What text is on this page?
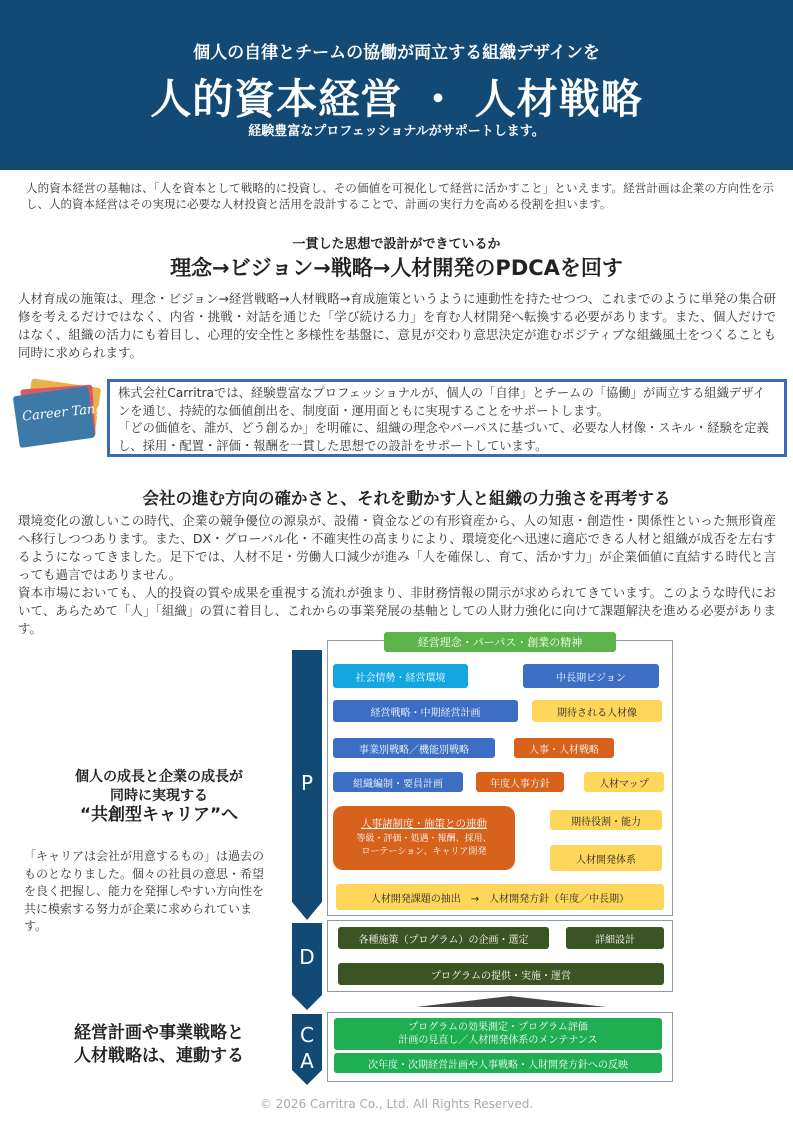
個人の自律とチームの協働が両立する組織デザインを
人的資本経営 ・ 人材戦略
経験豊富なプロフェッショナルがサポートします。
人的資本経営の基軸は、「人を資本として戦略的に投資し、その価値を可視化して経営に活かすこと」といえます。経営計画は企業の方向性を示し、人的資本経営はその実現に必要な人材投資と活用を設計することで、計画の実行力を高める役割を担います。
一貫した思想で設計ができているか
理念→ビジョン→戦略→人材開発のPDCAを回す
人材育成の施策は、理念・ビジョン→経営戦略→人材戦略→育成施策というように連動性を持たせつつ、これまでのように単発の集合研修を考えるだけではなく、内省・挑戦・対話を通じた「学び続ける力」を育む人材開発へ転換する必要があります。また、個人だけではなく、組織の活力にも着目し、心理的安全性と多様性を基盤に、意見が交わり意思決定が進むポジティブな組織風土をつくることも同時に求められます。
Career Tango
株式会社Carritraでは、経験豊富なプロフェッショナルが、個人の「自律」とチームの「協働」が両立する組織デザインを通じ、持続的な価値創出を、制度面・運用面ともに実現することをサポートします。
「どの価値を、誰が、どう創るか」を明確に、組織の理念やパーパスに基づいて、必要な人材像・スキル・経験を定義し、採用・配置・評価・報酬を一貫した思想での設計をサポートしています。
会社の進む方向の確かさと、それを動かす人と組織の力強さを再考する
環境変化の激しいこの時代、企業の競争優位の源泉が、設備・資金などの有形資産から、人の知恵・創造性・関係性といった無形資産へ移行しつつあります。また、DX・グローバル化・不確実性の高まりにより、環境変化へ迅速に適応できる人材と組織が成否を左右するようになってきました。足下では、人材不足・労働人口減少が進み「人を確保し、育て、活かす力」が企業価値に直結する時代と言っても過言ではありません。
資本市場においても、人的投資の質や成果を重視する流れが強まり、非財務情報の開示が求められてきています。このような時代において、あらためて「人」「組織」の質に着目し、これからの事業発展の基軸としての人財力強化に向けて課題解決を進める必要があります。
個人の成長と企業の成長が
同時に実現する
“共創型キャリア”へ
「キャリアは会社が用意するもの」は過去のものとなりました。個々の社員の意思・希望を良く把握し、能力を発揮しやすい方向性を共に模索する努力が企業に求められています。
経営計画や事業戦略と
人材戦略は、連動する
P
D
C
A
経営理念・パーパス・創業の精神
社会情勢・経営環境	中長期ビジョン
経営戦略・中期経営計画	期待される人材像
事業別戦略／機能別戦略	人事・人材戦略
組織編制・要員計画	年度人事方針	人材マップ
人事諸制度・施策との連動
等級・評価・処遇・報酬、採用、
ローテーション、キャリア開発
期待役割・能力
人材開発体系
人材開発課題の抽出　→　人材開発方針（年度／中長期）
各種施策（プログラム）の企画・選定	詳細設計
プログラムの提供・実施・運営
プログラムの効果測定・プログラム評価
計画の見直し／人材開発体系のメンテナンス
次年度・次期経営計画や人事戦略・人財開発方針への反映
© 2026 Carritra Co., Ltd. All Rights Reserved.
